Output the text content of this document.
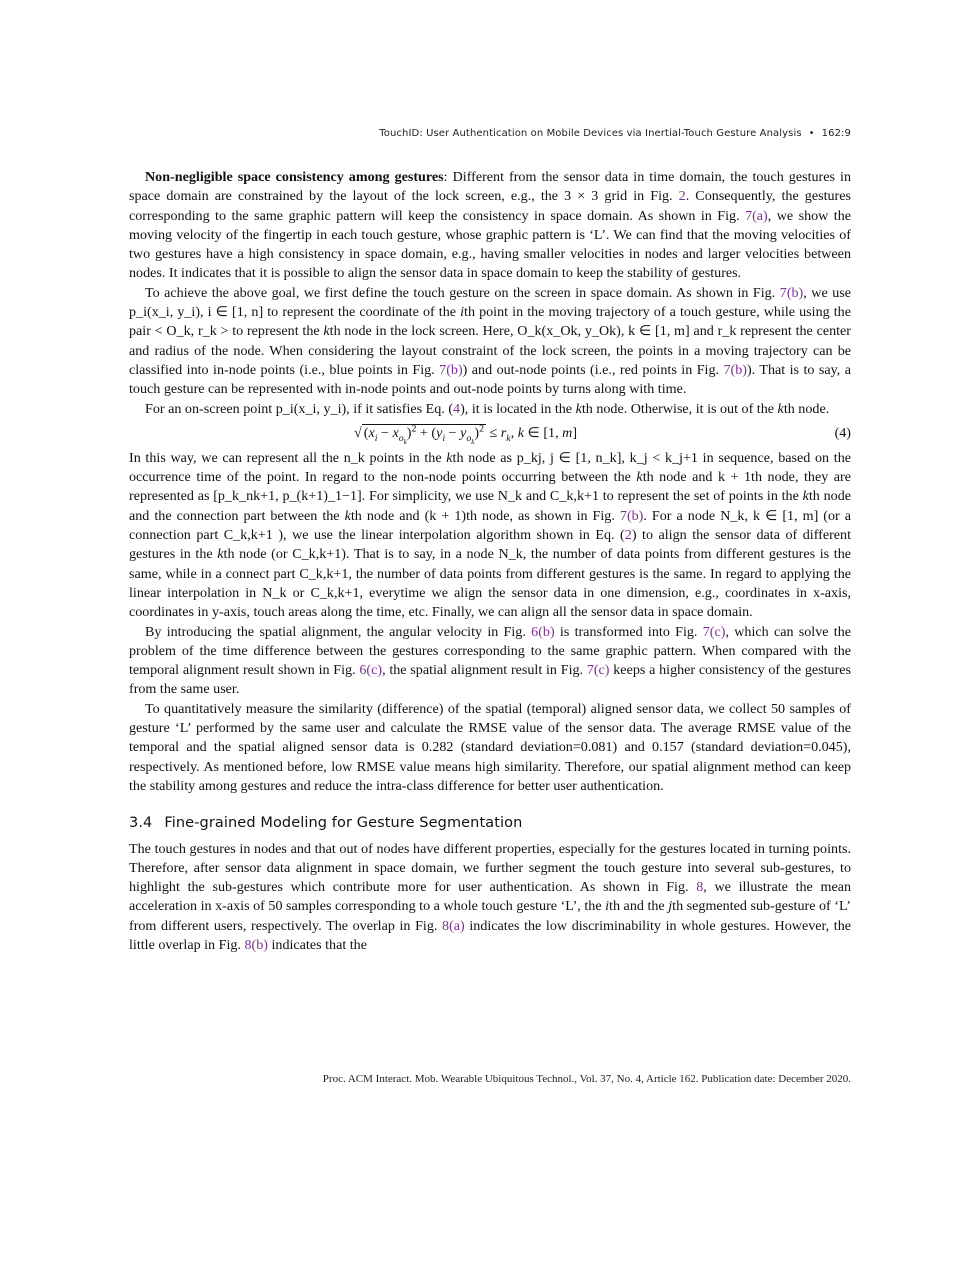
TouchID: User Authentication on Mobile Devices via Inertial-Touch Gesture Analysis • 162:9

Non-negligible space consistency among gestures: Different from the sensor data in time domain, the touch gestures in space domain are constrained by the layout of the lock screen, e.g., the 3 × 3 grid in Fig. 2. Consequently, the gestures corresponding to the same graphic pattern will keep the consistency in space domain. As shown in Fig. 7(a), we show the moving velocity of the fingertip in each touch gesture, whose graphic pattern is ‘L’. We can find that the moving velocities of two gestures have a high consistency in space domain, e.g., having smaller velocities in nodes and larger velocities between nodes. It indicates that it is possible to align the sensor data in space domain to keep the stability of gestures.

To achieve the above goal, we first define the touch gesture on the screen in space domain. As shown in Fig. 7(b), we use p_i(x_i, y_i), i ∈ [1, n] to represent the coordinate of the ith point in the moving trajectory of a touch gesture, while using the pair < O_k, r_k > to represent the kth node in the lock screen. Here, O_k(x_Ok, y_Ok), k ∈ [1, m] and r_k represent the center and radius of the node. When considering the layout constraint of the lock screen, the points in a moving trajectory can be classified into in-node points (i.e., blue points in Fig. 7(b)) and out-node points (i.e., red points in Fig. 7(b)). That is to say, a touch gesture can be represented with in-node points and out-node points by turns along with time.

For an on-screen point p_i(x_i, y_i), if it satisfies Eq. (4), it is located in the kth node. Otherwise, it is out of the kth node.

√ $(x_i - x_{o_k})^2 + (y_i - y_{o_k})^2 \le r_k$, k ∈ [1, m]	(4)

In this way, we can represent all the n_k points in the kth node as p_kj, j ∈ [1, n_k], k_j < k_j+1 in sequence, based on the occurrence time of the point. In regard to the non-node points occurring between the kth node and k + 1th node, they are represented as [p_k_nk+1, p_(k+1)_1−1]. For simplicity, we use N_k and C_k,k+1 to represent the set of points in the kth node and the connection part between the kth node and (k + 1)th node, as shown in Fig. 7(b). For a node N_k, k ∈ [1, m] (or a connection part C_k,k+1 ), we use the linear interpolation algorithm shown in Eq. (2) to align the sensor data of different gestures in the kth node (or C_k,k+1). That is to say, in a node N_k, the number of data points from different gestures is the same, while in a connect part C_k,k+1, the number of data points from different gestures is the same. In regard to applying the linear interpolation in N_k or C_k,k+1, everytime we align the sensor data in one dimension, e.g., coordinates in x-axis, coordinates in y-axis, touch areas along the time, etc. Finally, we can align all the sensor data in space domain.

By introducing the spatial alignment, the angular velocity in Fig. 6(b) is transformed into Fig. 7(c), which can solve the problem of the time difference between the gestures corresponding to the same graphic pattern. When compared with the temporal alignment result shown in Fig. 6(c), the spatial alignment result in Fig. 7(c) keeps a higher consistency of the gestures from the same user.

To quantitatively measure the similarity (difference) of the spatial (temporal) aligned sensor data, we collect 50 samples of gesture ‘L’ performed by the same user and calculate the RMSE value of the sensor data. The average RMSE value of the temporal and the spatial aligned sensor data is 0.282 (standard deviation=0.081) and 0.157 (standard deviation=0.045), respectively. As mentioned before, low RMSE value means high similarity. Therefore, our spatial alignment method can keep the stability among gestures and reduce the intra-class difference for better user authentication.

3.4 Fine-grained Modeling for Gesture Segmentation

The touch gestures in nodes and that out of nodes have different properties, especially for the gestures located in turning points. Therefore, after sensor data alignment in space domain, we further segment the touch gesture into several sub-gestures, to highlight the sub-gestures which contribute more for user authentication. As shown in Fig. 8, we illustrate the mean acceleration in x-axis of 50 samples corresponding to a whole touch gesture ‘L’, the ith and the jth segmented sub-gesture of ‘L’ from different users, respectively. The overlap in Fig. 8(a) indicates the low discriminability in whole gestures. However, the little overlap in Fig. 8(b) indicates that the

Proc. ACM Interact. Mob. Wearable Ubiquitous Technol., Vol. 37, No. 4, Article 162. Publication date: December 2020.
